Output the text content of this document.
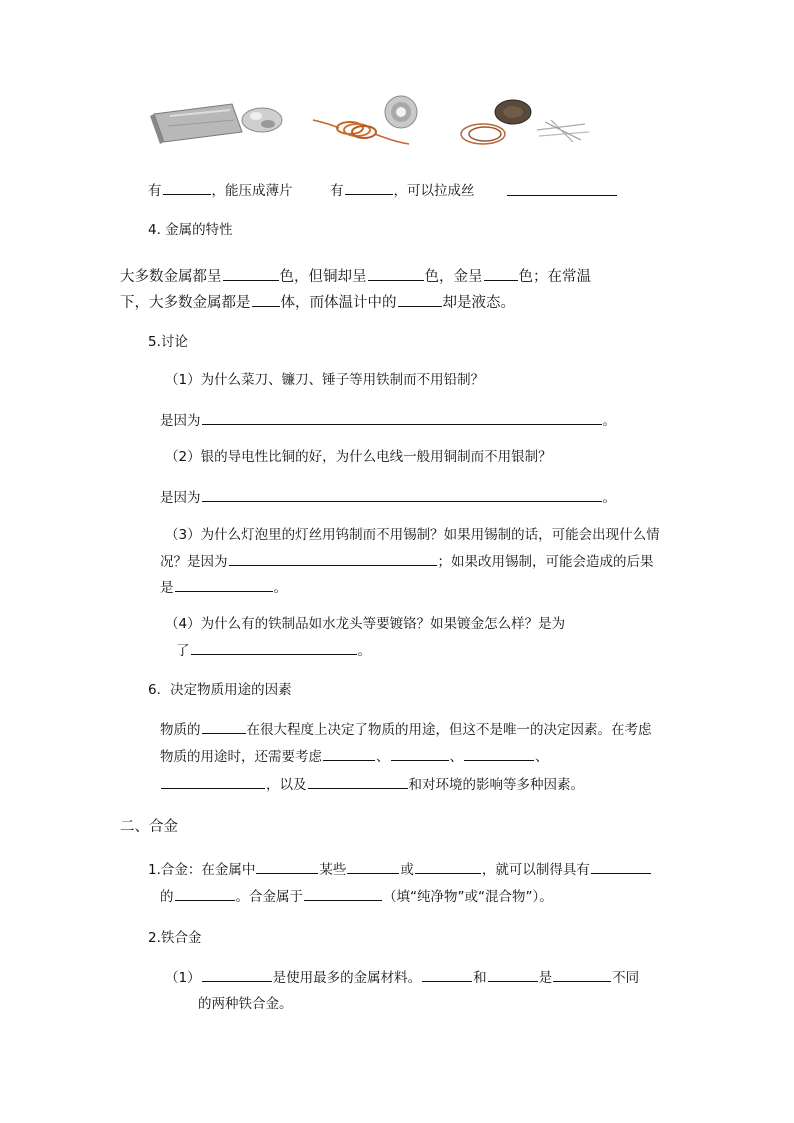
有	，能压成薄片	有	，可以拉成丝
4. 金属的特性
大多数金属都呈	色，但铜却呈	色，金呈 色；在常温
下，大多数金属都是 体，而体温计中的	却是液态。
5.讨论
（1）为什么菜刀、镰刀、锤子等用铁制而不用铅制？
是因为	。
（2）银的导电性比铜的好，为什么电线一般用铜制而不用银制？
是因为	。
（3）为什么灯泡里的灯丝用钨制而不用锡制？如果用锡制的话，可能会出现什么情
况？是因为	；如果改用锡制，可能会造成的后果
是	。
（4）为什么有的铁制品如水龙头等要镀铬？如果镀金怎么样？是为
了	。
6．决定物质用途的因素
物质的	在很大程度上决定了物质的用途，但这不是唯一的决定因素。在考虑
物质的用途时，还需要考虑	、	、	、
，以及	和对环境的影响等多种因素。
二、合金
1.合金：在金属中	某些	或	，就可以制得具有
的	。合金属于	（填“纯净物”或“混合物”）。
2.铁合金
（1）	是使用最多的金属材料。	和	是	不同
的两种铁合金。
